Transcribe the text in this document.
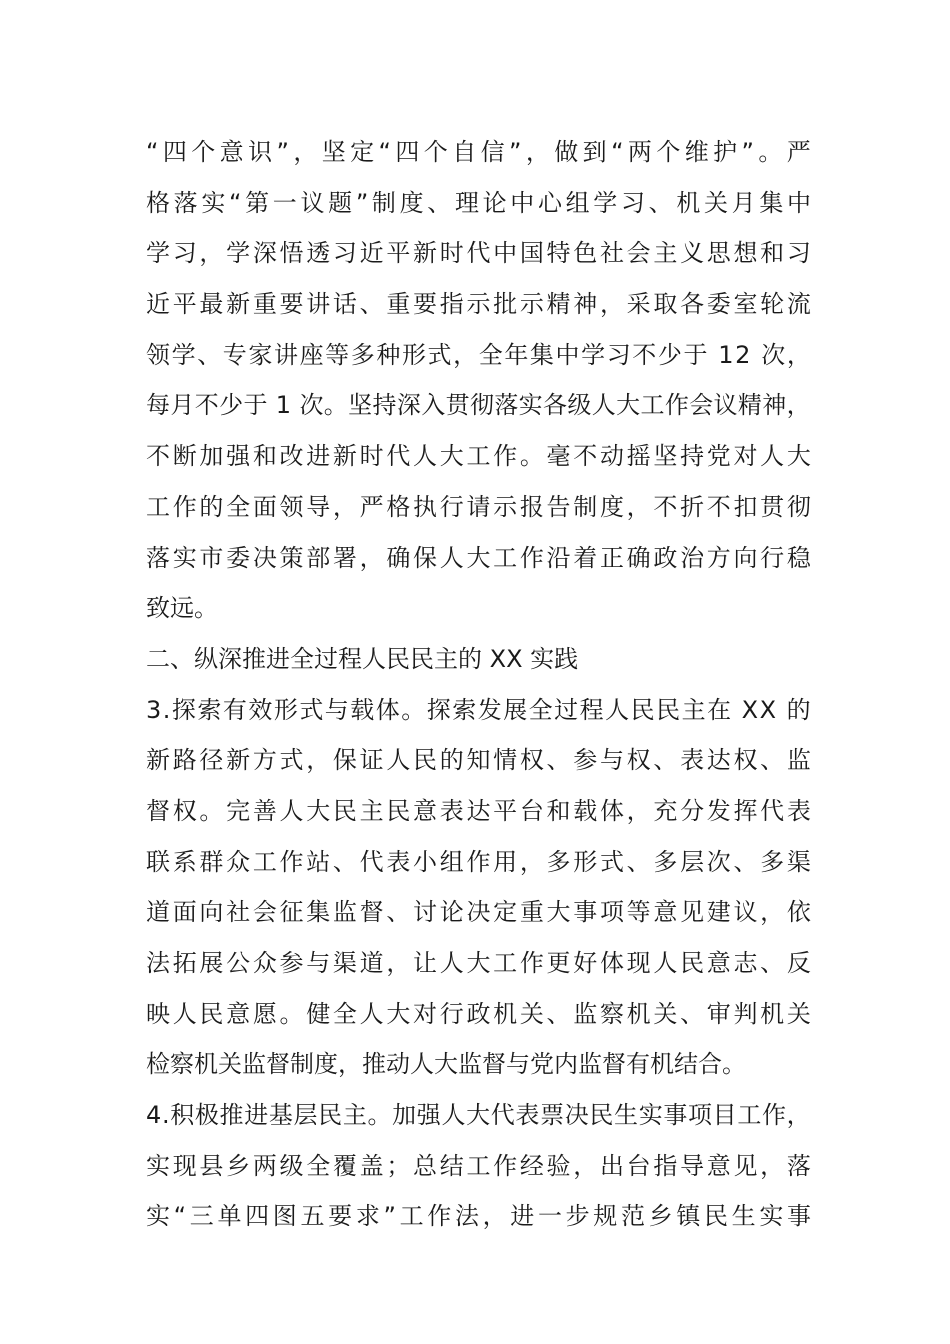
“ 四 个 意 识 ” ， 坚 定 “ 四 个 自 信 ” ， 做 到 “ 两 个 维 护 ” 。 严
格 落 实 “ 第 一 议 题 ” 制 度 、 理 论 中 心 组 学 习 、 机 关 月 集 中
学 习 ， 学 深 悟 透 习 近 平 新 时 代 中 国 特 色 社 会 主 义 思 想 和 习
近 平 最 新 重 要 讲 话 、 重 要 指 示 批 示 精 神 ， 采 取 各 委 室 轮 流
领 学 、 专 家 讲 座 等 多 种 形 式 ， 全 年 集 中 学 习 不 少 于
1 2
次 ，
每 月 不 少 于
1
次 。 坚 持 深 入 贯 彻 落 实 各 级 人 大 工 作 会 议 精 神 ，
不 断 加 强 和 改 进 新 时 代 人 大 工 作 。 毫 不 动 摇 坚 持 党 对 人 大
工 作 的 全 面 领 导 ， 严 格 执 行 请 示 报 告 制 度 ， 不 折 不 扣 贯 彻
落 实 市 委 决 策 部 署 ， 确 保 人 大 工 作 沿 着 正 确 政 治 方 向 行 稳
致远。
二、纵深推进全过程人民民主的 XX 实践
3 . 探 索 有 效 形 式 与 载 体 。 探 索 发 展 全 过 程 人 民 民 主 在
X X
的
新 路 径 新 方 式 ， 保 证 人 民 的 知 情 权 、 参 与 权 、 表 达 权 、 监
督 权 。 完 善 人 大 民 主 民 意 表 达 平 台 和 载 体 ， 充 分 发 挥 代 表
联 系 群 众 工 作 站 、 代 表 小 组 作 用 ， 多 形 式 、 多 层 次 、 多 渠
道 面 向 社 会 征 集 监 督 、 讨 论 决 定 重 大 事 项 等 意 见 建 议 ， 依
法 拓 展 公 众 参 与 渠 道 ， 让 人 大 工 作 更 好 体 现 人 民 意 志 、 反
映 人 民 意 愿 。 健 全 人 大 对 行 政 机 关 、 监 察 机 关 、 审 判 机 关
检察机关监督制度，推动人大监督与党内监督有机结合。
4 . 积 极 推 进 基 层 民 主 。 加 强 人 大 代 表 票 决 民 生 实 事 项 目 工 作 ，
实 现 县 乡 两 级 全 覆 盖 ； 总 结 工 作 经 验 ， 出 台 指 导 意 见 ， 落
实 “ 三 单 四 图 五 要 求 ” 工 作 法 ， 进 一 步 规 范 乡 镇 民 生 实 事
